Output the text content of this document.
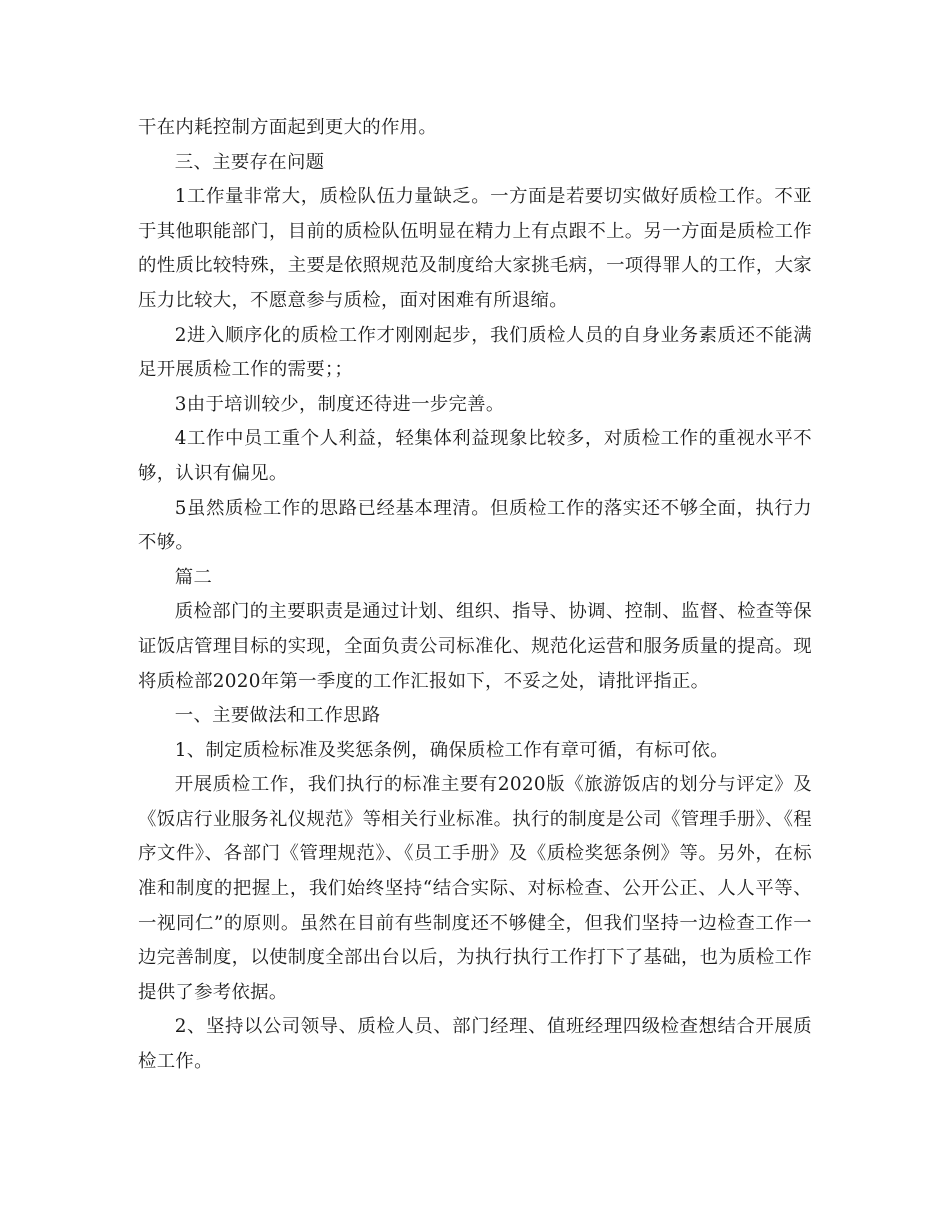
干在内耗控制方面起到更大的作用。

三、主要存在问题

1工作量非常大，质检队伍力量缺乏。一方面是若要切实做好质检工作。不亚于其他职能部门，目前的质检队伍明显在精力上有点跟不上。另一方面是质检工作的性质比较特殊，主要是依照规范及制度给大家挑毛病，一项得罪人的工作，大家压力比较大，不愿意参与质检，面对困难有所退缩。

2进入顺序化的质检工作才刚刚起步，我们质检人员的自身业务素质还不能满足开展质检工作的需要；；

3由于培训较少，制度还待进一步完善。

4工作中员工重个人利益，轻集体利益现象比较多，对质检工作的重视水平不够，认识有偏见。

5虽然质检工作的思路已经基本理清。但质检工作的落实还不够全面，执行力不够。

篇二

质检部门的主要职责是通过计划、组织、指导、协调、控制、监督、检查等保证饭店管理目标的实现，全面负责公司标准化、规范化运营和服务质量的提高。现将质检部2020年第一季度的工作汇报如下，不妥之处，请批评指正。

一、主要做法和工作思路

1、制定质检标准及奖惩条例，确保质检工作有章可循，有标可依。

开展质检工作，我们执行的标准主要有2020版《旅游饭店的划分与评定》及《饭店行业服务礼仪规范》等相关行业标准。执行的制度是公司《管理手册》、《程序文件》、各部门《管理规范》、《员工手册》及《质检奖惩条例》等。另外，在标准和制度的把握上，我们始终坚持“结合实际、对标检查、公开公正、人人平等、一视同仁”的原则。虽然在目前有些制度还不够健全，但我们坚持一边检查工作一边完善制度，以使制度全部出台以后，为执行执行工作打下了基础，也为质检工作提供了参考依据。

2、坚持以公司领导、质检人员、部门经理、值班经理四级检查想结合开展质检工作。
